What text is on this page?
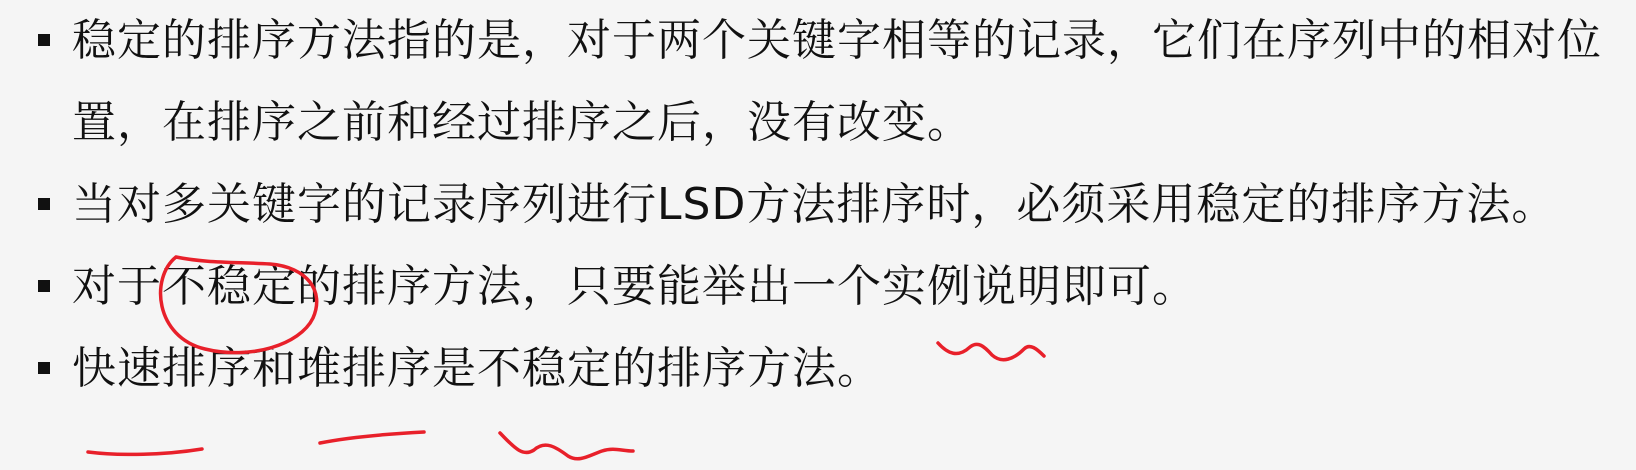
稳定的排序方法指的是，对于两个关键字相等的记录，它们在序列中的相对位置，在排序之前和经过排序之后，没有改变。
当对多关键字的记录序列进行LSD方法排序时，必须采用稳定的排序方法。
对于不稳定的排序方法，只要能举出一个实例说明即可。
快速排序和堆排序是不稳定的排序方法。
